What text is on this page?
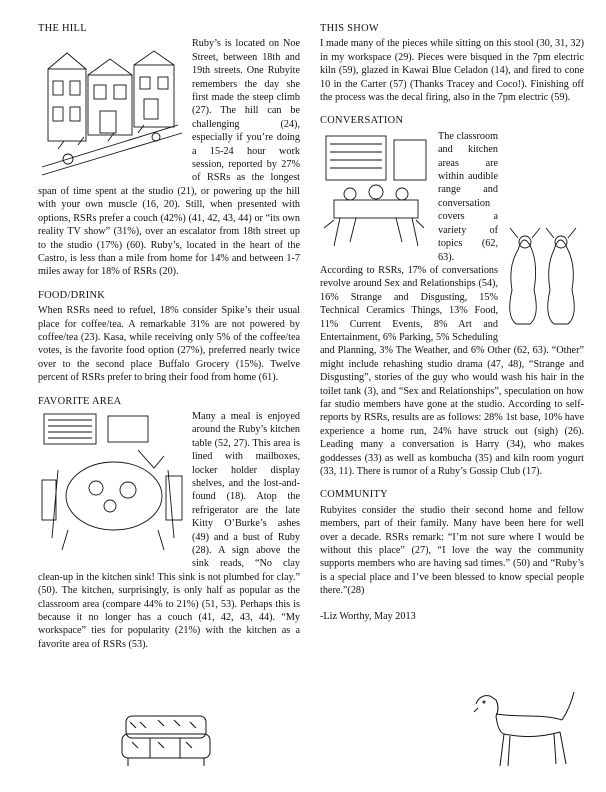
THE HILL

Ruby’s is located on Noe Street, between 18th and 19th streets. One Rubyite remembers the day she first made the steep climb (27). The hill can be challenging (24), especially if you’re doing a 15-24 hour work session, reported by 27% of RSRs as the longest span of time spent at the studio (21), or powering up the hill with your own muscle (16, 20). Still, when presented with options, RSRs prefer a couch (42%) (41, 42, 43, 44) or “its own reality TV show” (31%), over an escalator from 18th street up to the studio (17%) (60). Ruby’s, located in the heart of the Castro, is less than a mile from home for 14% and between 1-7 miles away for 18% of RSRs (20).

FOOD/DRINK

When RSRs need to refuel, 18% consider Spike’s their usual place for coffee/tea. A remarkable 31% are not powered by coffee/tea (23). Kasa, while receiving only 5% of the coffee/tea votes, is the favorite food option (27%), preferred nearly twice over to the second place Buffalo Grocery (15%). Twelve percent of RSRs prefer to bring their food from home (61).

FAVORITE AREA

Many a meal is enjoyed around the Ruby’s kitchen table (52, 27). This area is lined with mailboxes, locker holder display shelves, and the lost-and-found (18). Atop the refrigerator are the late Kitty O’Burke’s ashes (49) and a bust of Ruby (28). A sign above the sink reads, “No clay clean-up in the kitchen sink! This sink is not plumbed for clay.” (50). The kitchen, surprisingly, is only half as popular as the classroom area (compare 44% to 21%) (51, 53). Perhaps this is because it no longer has a couch (41, 42, 43, 44). “My workspace” ties for popularity (21%) with the kitchen as a favorite area of RSRs (53).

THIS SHOW

I made many of the pieces while sitting on this stool (30, 31, 32) in my workspace (29). Pieces were bisqued in the 7pm electric kiln (59), glazed in Kawai Blue Celadon (14), and fired to cone 10 in the Carter (57) (Thanks Tracey and Coco!). Finishing off the process was the decal firing, also in the 7pm electric (59).

CONVERSATION

The classroom and kitchen areas are within audible range and conversation covers a variety of topics (62, 63). According to RSRs, 17% of conversations revolve around Sex and Relationships (54), 16% Strange and Disgusting, 15% Technical Ceramics Things, 13% Food, 11% Current Events, 8% Art and Entertainment, 6% Parking, 5% Scheduling and Planning, 3% The Weather, and 6% Other (62, 63). “Other” might include rehashing studio drama (47, 48), “Strange and Disgusting”, stories of the guy who would wash his hair in the toilet tank (3), and “Sex and Relationships”, speculation on how far studio members have gone at the studio. According to self-reports by RSRs, results are as follows: 28% 1st base, 10% have experience a home run, 24% have struck out (sigh) (26). Leading many a conversation is Harry (34), who makes goddesses (33) as well as kombucha (35) and kiln room yogurt (33, 11). There is rumor of a Ruby’s Gossip Club (17).

COMMUNITY

Rubyites consider the studio their second home and fellow members, part of their family. Many have been here for well over a decade. RSRs remark: “I’m not sure where I would be without this place” (27), “I love the way the community supports members who are having sad times.” (50) and “Ruby’s is a special place and I’ve been blessed to know special people there.”(28)

-Liz Worthy, May 2013
